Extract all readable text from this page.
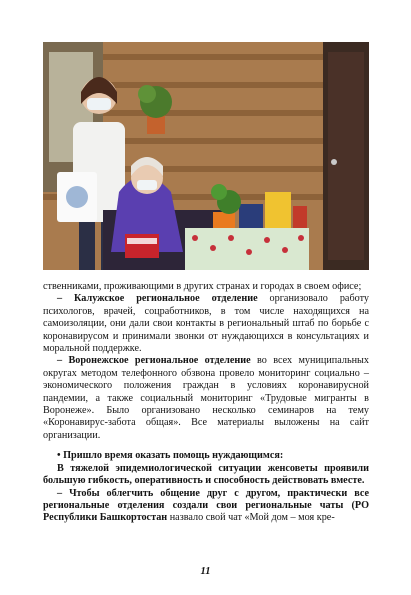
ственниками, проживающими в других странах и городах в своем офисе;

– Калужское региональное отделение организовало работу психологов, врачей, соцработников, в том числе находящихся на самоизоляции, они дали свои контакты в региональный штаб по борьбе с коронавирусом и принимали звонки от нуждающихся в консультациях и моральной поддержке.

– Воронежское региональное отделение во всех муниципальных округах методом телефонного обзвона провело мониторинг социально – экономического положения граждан в условиях коронавирусной пандемии, а также социальный мониторинг «Трудовые мигранты в Воронеже». Было организовано несколько семинаров на тему «Коронавирус-забота общая». Все материалы выложены на сайт организации.

• Пришло время оказать помощь нуждающимся:

В тяжелой эпидемиологической ситуации женсоветы проявили большую гибкость, оперативность и способность действовать вместе.

– Чтобы облегчить общение друг с другом, практически все региональные отделения создали свои региональные чаты (РО Республики Башкортостан назвало свой чат «Мой дом – моя кре-

11
